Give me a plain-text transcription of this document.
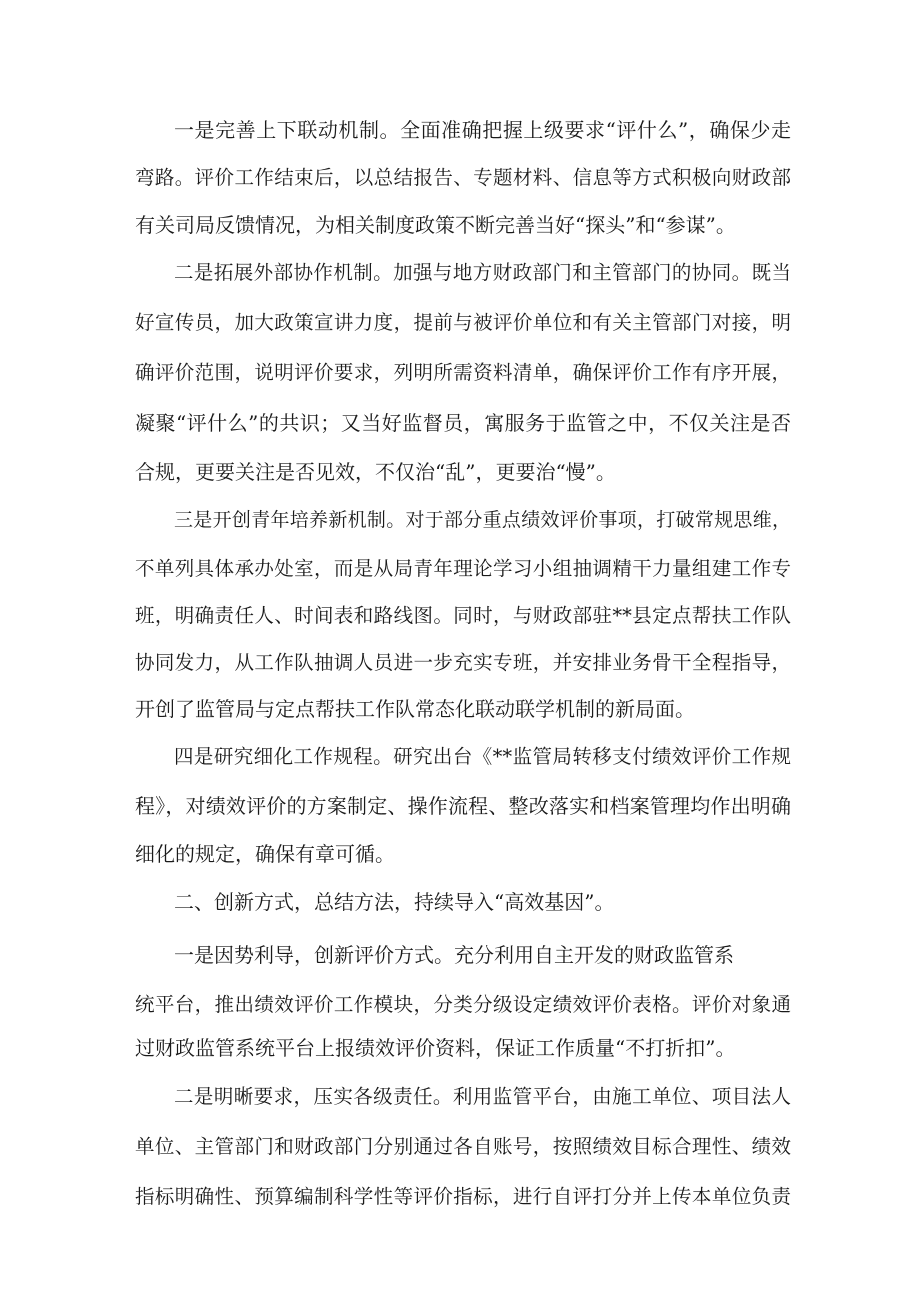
一是完善上下联动机制。全面准确把握上级要求“评什么”，确保少走
弯路。评价工作结束后，以总结报告、专题材料、信息等方式积极向财政部
有关司局反馈情况，为相关制度政策不断完善当好“探头”和“参谋”。
二是拓展外部协作机制。加强与地方财政部门和主管部门的协同。既当
好宣传员，加大政策宣讲力度，提前与被评价单位和有关主管部门对接，明
确评价范围，说明评价要求，列明所需资料清单，确保评价工作有序开展，
凝聚“评什么”的共识；又当好监督员，寓服务于监管之中，不仅关注是否
合规，更要关注是否见效，不仅治“乱”，更要治“慢”。
三是开创青年培养新机制。对于部分重点绩效评价事项，打破常规思维，
不单列具体承办处室，而是从局青年理论学习小组抽调精干力量组建工作专
班，明确责任人、时间表和路线图。同时，与财政部驻**县定点帮扶工作队
协同发力，从工作队抽调人员进一步充实专班，并安排业务骨干全程指导，
开创了监管局与定点帮扶工作队常态化联动联学机制的新局面。
四是研究细化工作规程。研究出台《**监管局转移支付绩效评价工作规
程》，对绩效评价的方案制定、操作流程、整改落实和档案管理均作出明确
细化的规定，确保有章可循。
二、创新方式，总结方法，持续导入“高效基因”。
一是因势利导，创新评价方式。充分利用自主开发的财政监管系
统平台，推出绩效评价工作模块，分类分级设定绩效评价表格。评价对象通
过财政监管系统平台上报绩效评价资料，保证工作质量“不打折扣”。
二是明晰要求，压实各级责任。利用监管平台，由施工单位、项目法人
单位、主管部门和财政部门分别通过各自账号，按照绩效目标合理性、绩效
指标明确性、预算编制科学性等评价指标，进行自评打分并上传本单位负责
